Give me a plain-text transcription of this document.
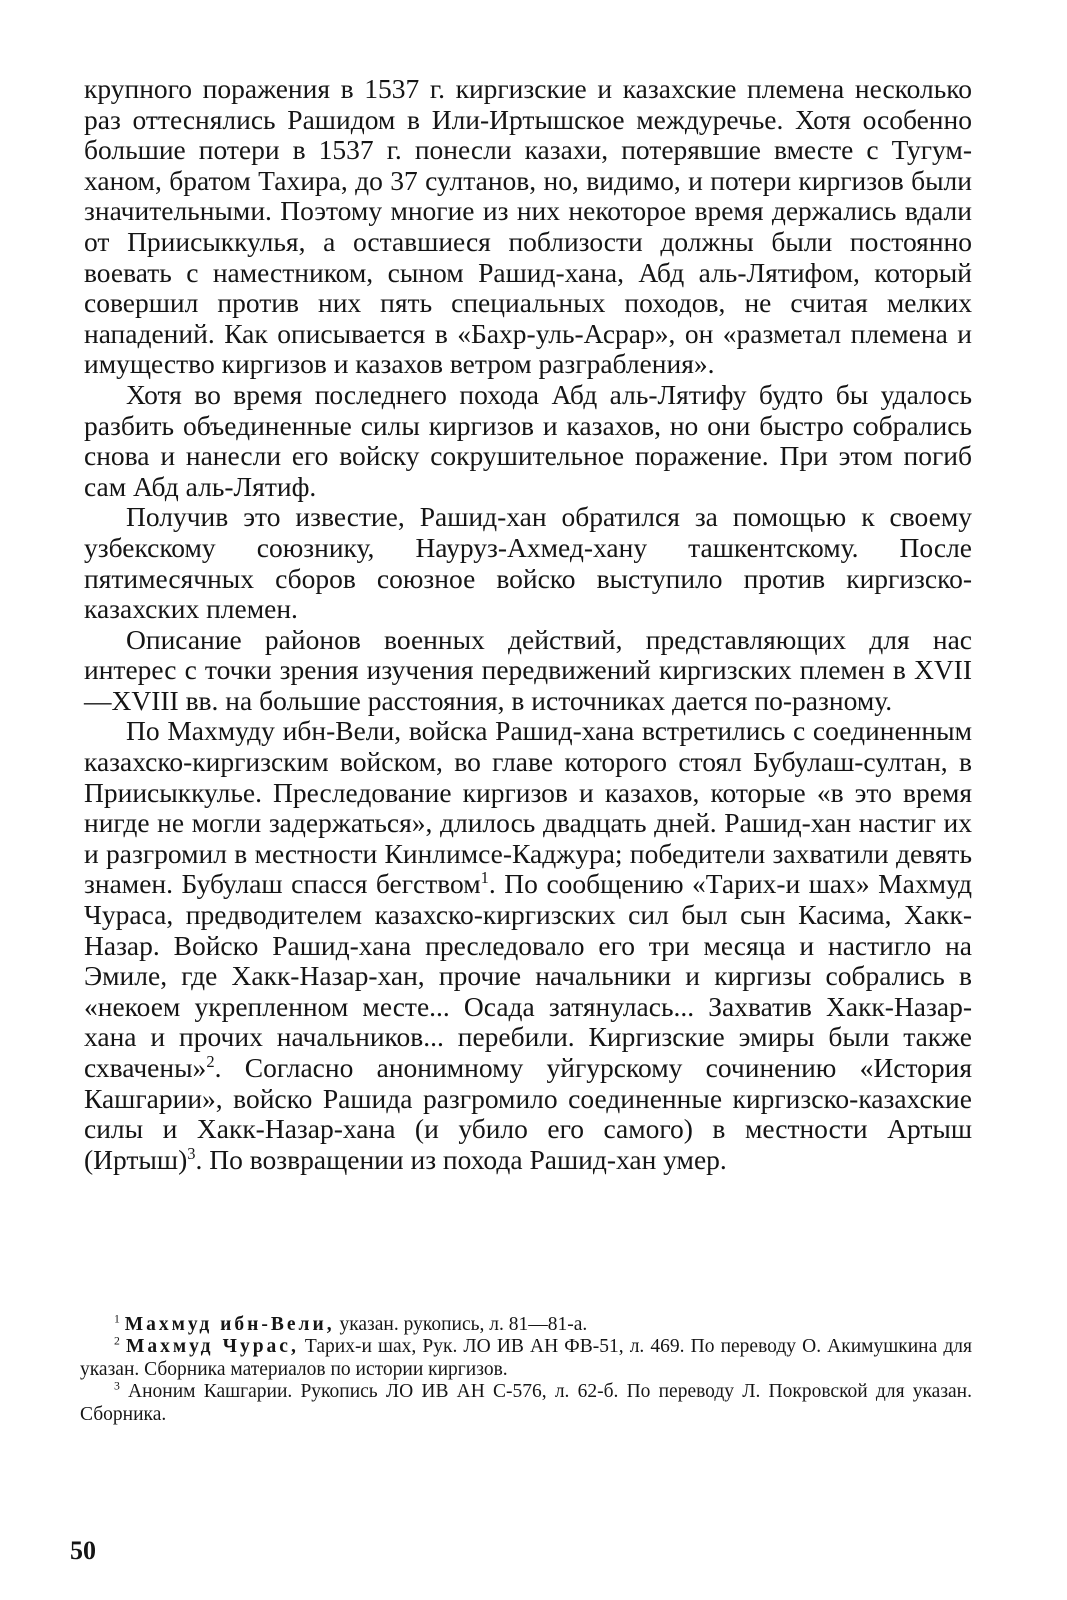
крупного поражения в 1537 г. киргизские и казахские племена несколько раз оттеснялись Рашидом в Или-Иртышское междуречье. Хотя особенно большие потери в 1537 г. понесли казахи, потерявшие вместе с Тугум-ханом, братом Тахира, до 37 султанов, но, видимо, и потери киргизов были значительными. Поэтому многие из них некоторое время держались вдали от Приисыккулья, а оставшиеся поблизости должны были постоянно воевать с наместником, сыном Рашид-хана, Абд аль-Лятифом, который совершил против них пять специальных походов, не считая мелких нападений. Как описывается в «Бахр-уль-Асрар», он «разметал племена и имущество киргизов и казахов ветром разграбления».

Хотя во время последнего похода Абд аль-Лятифу будто бы удалось разбить объединенные силы киргизов и казахов, но они быстро собрались снова и нанесли его войску сокрушительное поражение. При этом погиб сам Абд аль-Лятиф.

Получив это известие, Рашид-хан обратился за помощью к своему узбекскому союзнику, Науруз-Ахмед-хану ташкентскому. После пятимесячных сборов союзное войско выступило против киргизско-казахских племен.

Описание районов военных действий, представляющих для нас интерес с точки зрения изучения передвижений киргизских племен в XVII—XVIII вв. на большие расстояния, в источниках дается по-разному.

По Махмуду ибн-Вели, войска Рашид-хана встретились с соединенным казахско-киргизским войском, во главе которого стоял Бубулаш-султан, в Приисыккулье. Преследование киргизов и казахов, которые «в это время нигде не могли задержаться», длилось двадцать дней. Рашид-хан настиг их и разгромил в местности Кинлимсе-Каджура; победители захватили девять знамен. Бубулаш спасся бегством$^1$. По сообщению «Тарих-и шах» Махмуд Чураса, предводителем казахско-киргизских сил был сын Касима, Хакк-Назар. Войско Рашид-хана преследовало его три месяца и настигло на Эмиле, где Хакк-Назар-хан, прочие начальники и киргизы собрались в «некоем укрепленном месте... Осада затянулась... Захватив Хакк-Назар-хана и прочих начальников... перебили. Киргизские эмиры были также схвачены»$^2$. Согласно анонимному уйгурскому сочинению «История Кашгарии», войско Рашида разгромило соединенные киргизско-казахские силы и Хакк-Назар-хана (и убило его самого) в местности Артыш (Иртыш)$^3$. По возвращении из похода Рашид-хан умер.

$^1$ Махмуд ибн-Вели, указан. рукопись, л. 81—81-а.

$^2$ Махмуд Чурас, Тарих-и шах, Рук. ЛО ИВ АН ФВ-51, л. 469. По переводу О. Акимушкина для указан. Сборника материалов по истории киргизов.

$^3$ Аноним Кашгарии. Рукопись ЛО ИВ АН С-576, л. 62-б. По переводу Л. Покровской для указан. Сборника.

50
